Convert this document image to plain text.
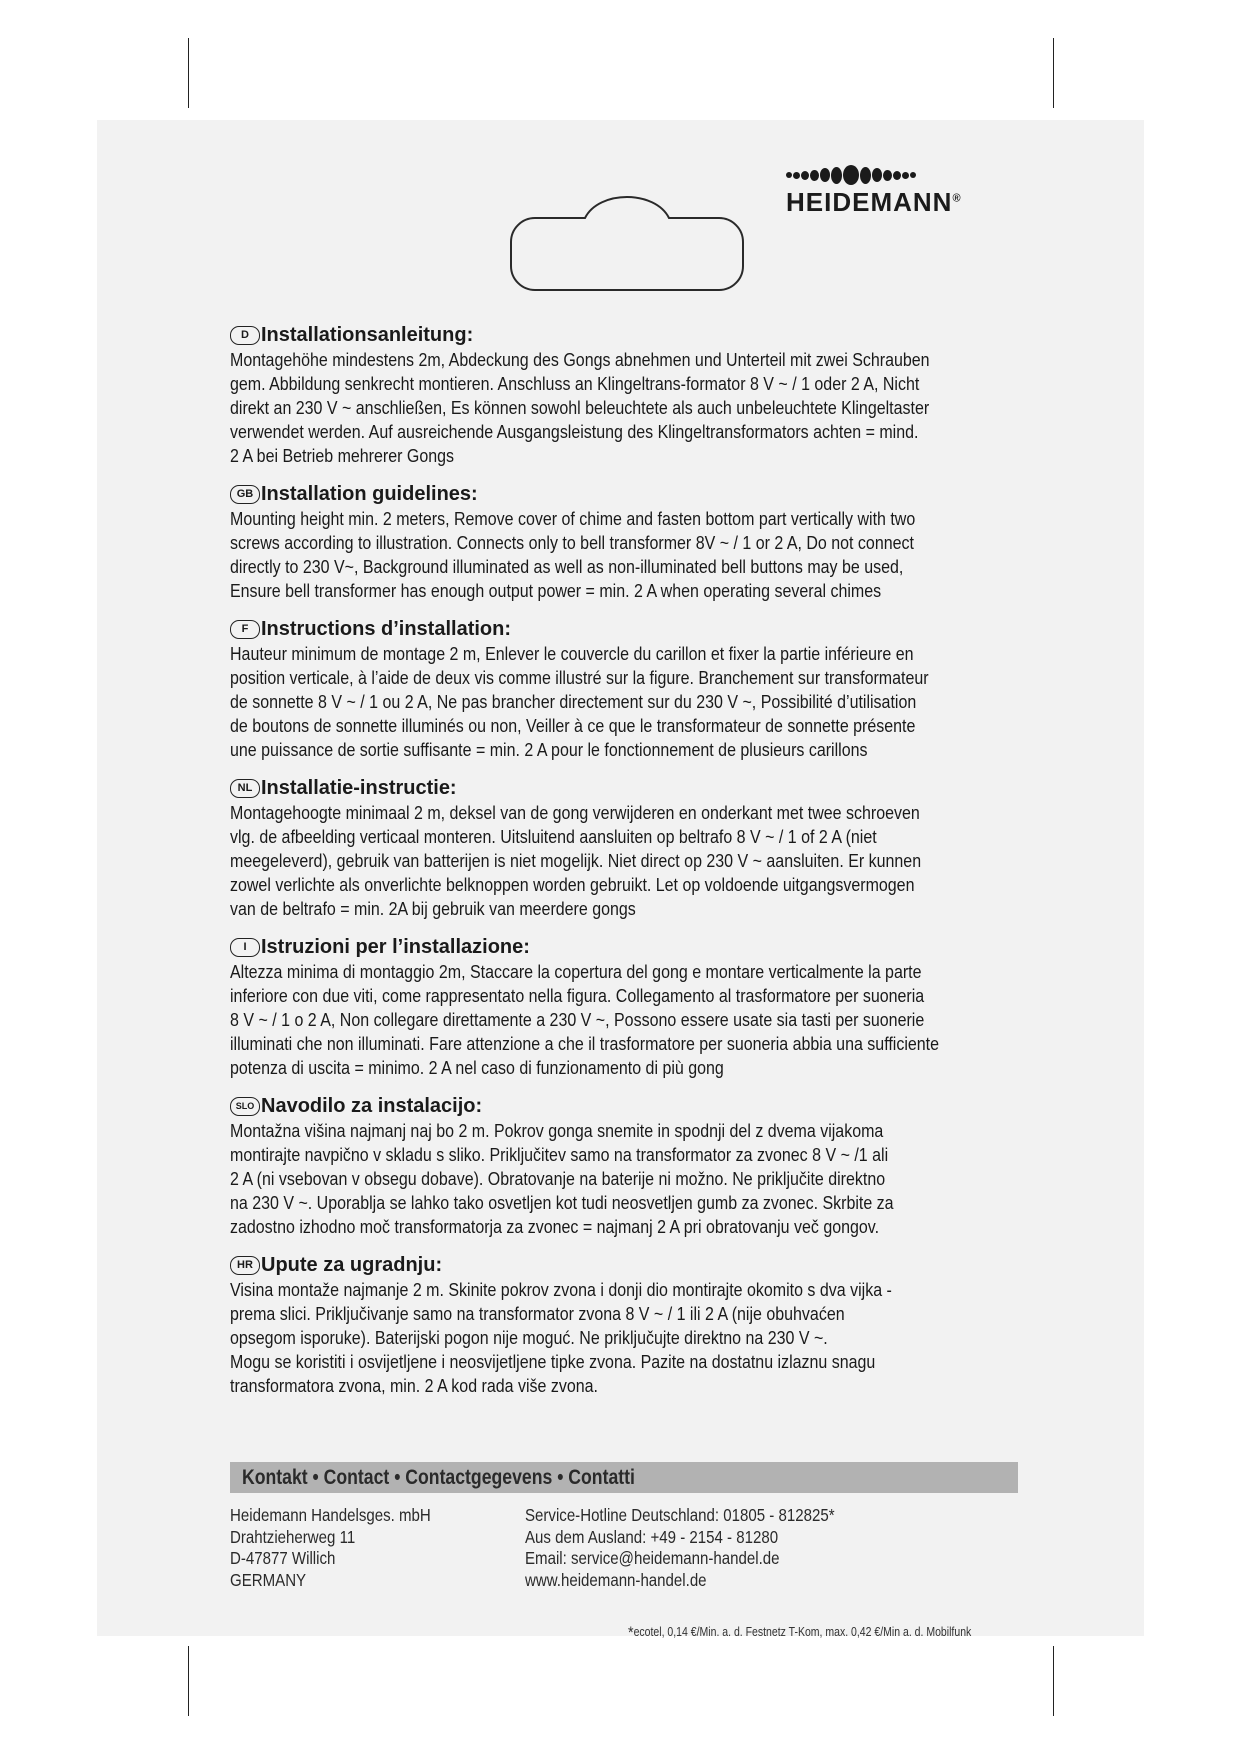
HEIDEMANN®
D Installationsanleitung:
Montagehöhe mindestens 2m, Abdeckung des Gongs abnehmen und Unterteil mit zwei Schrauben
gem. Abbildung senkrecht montieren. Anschluss an Klingeltrans-formator 8 V ~ / 1 oder 2 A, Nicht
direkt an 230 V ~ anschließen, Es können sowohl beleuchtete als auch unbeleuchtete Klingeltaster
verwendet werden. Auf ausreichende Ausgangsleistung des Klingeltransformators achten = mind.
2 A bei Betrieb mehrerer Gongs
GB Installation guidelines:
Mounting height min. 2 meters, Remove cover of chime and fasten bottom part vertically with two
screws according to illustration. Connects only to bell transformer 8V ~ / 1 or 2 A, Do not connect
directly to 230 V~, Background illuminated as well as non-illuminated bell buttons may be used,
Ensure bell transformer has enough output power = min. 2 A when operating several chimes
F Instructions d’installation:
Hauteur minimum de montage 2 m, Enlever le couvercle du carillon et fixer la partie inférieure en
position verticale, à l’aide de deux vis comme illustré sur la figure. Branchement sur transformateur
de sonnette 8 V ~ / 1 ou 2 A, Ne pas brancher directement sur du 230 V ~, Possibilité d’utilisation
de boutons de sonnette illuminés ou non, Veiller à ce que le transformateur de sonnette présente
une puissance de sortie suffisante = min. 2 A pour le fonctionnement de plusieurs carillons
NL Installatie-instructie:
Montagehoogte minimaal 2 m, deksel van de gong verwijderen en onderkant met twee schroeven
vlg. de afbeelding verticaal monteren. Uitsluitend aansluiten op beltrafo 8 V ~ / 1 of 2 A (niet
meegeleverd), gebruik van batterijen is niet mogelijk. Niet direct op 230 V ~ aansluiten. Er kunnen
zowel verlichte als onverlichte belknoppen worden gebruikt. Let op voldoende uitgangsvermogen
van de beltrafo = min. 2A bij gebruik van meerdere gongs
I Istruzioni per l’installazione:
Altezza minima di montaggio 2m, Staccare la copertura del gong e montare verticalmente la parte
inferiore con due viti, come rappresentato nella figura. Collegamento al trasformatore per suoneria
8 V ~ / 1 o 2 A, Non collegare direttamente a 230 V ~, Possono essere usate sia tasti per suonerie
illuminati che non illuminati. Fare attenzione a che il trasformatore per suoneria abbia una sufficiente
potenza di uscita = minimo. 2 A nel caso di funzionamento di più gong
SLO Navodilo za instalacijo:
Montažna višina najmanj naj bo 2 m. Pokrov gonga snemite in spodnji del z dvema vijakoma
montirajte navpično v skladu s sliko. Priključitev samo na transformator za zvonec 8 V ~ /1 ali
2 A (ni vsebovan v obsegu dobave). Obratovanje na baterije ni možno. Ne priključite direktno
na 230 V ~. Uporablja se lahko tako osvetljen kot tudi neosvetljen gumb za zvonec. Skrbite za
zadostno izhodno moč transformatorja za zvonec = najmanj 2 A pri obratovanju več gongov.
HR Upute za ugradnju:
Visina montaže najmanje 2 m. Skinite pokrov zvona i donji dio montirajte okomito s dva vijka -
prema slici. Priključivanje samo na transformator zvona 8 V ~ / 1 ili 2 A (nije obuhvaćen
opsegom isporuke). Baterijski pogon nije moguć. Ne priključujte direktno na 230 V ~.
Mogu se koristiti i osvijetljene i neosvijetljene tipke zvona. Pazite na dostatnu izlaznu snagu
transformatora zvona, min. 2 A kod rada više zvona.
Kontakt • Contact • Contactgegevens • Contatti
Heidemann Handelsges. mbH
Drahtzieherweg 11
D-47877 Willich
GERMANY
Service-Hotline Deutschland: 01805 - 812825*
Aus dem Ausland: +49 - 2154 - 81280
Email: service@heidemann-handel.de
www.heidemann-handel.de
*ecotel, 0,14 €/Min. a. d. Festnetz T-Kom, max. 0,42 €/Min a. d. Mobilfunk
